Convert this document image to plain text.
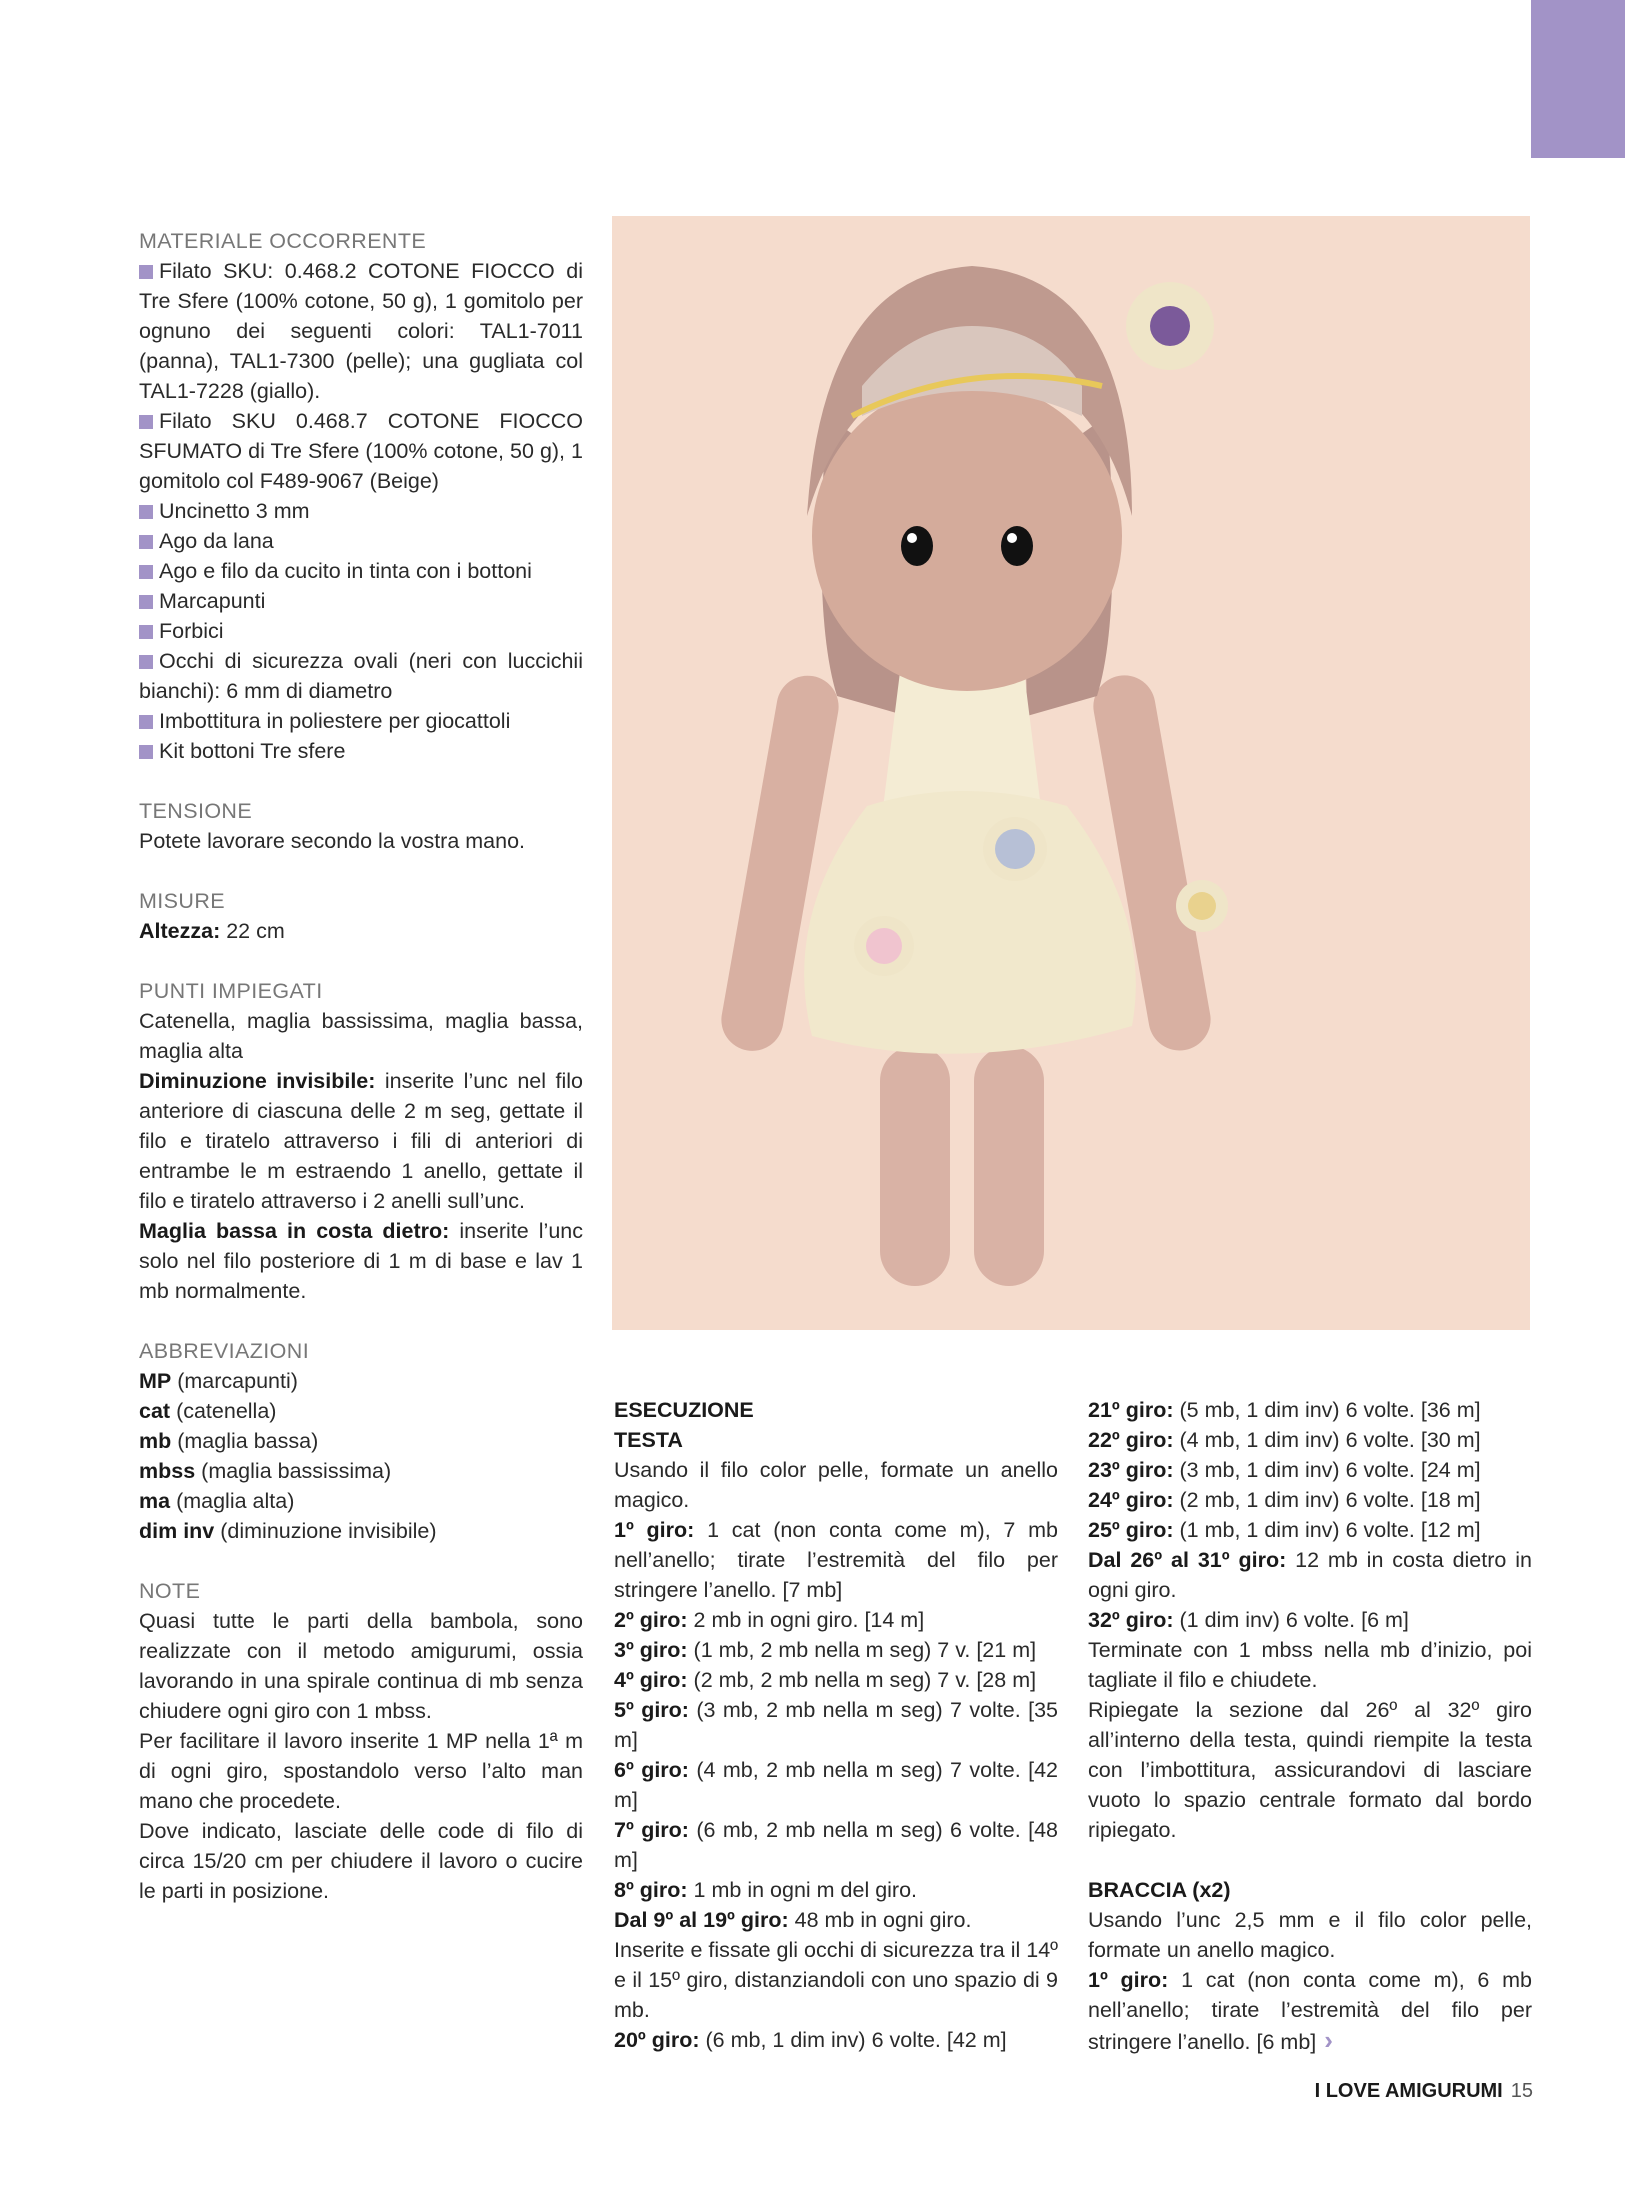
MATERIALE OCCORRENTE

Filato SKU: 0.468.2 COTONE FIOCCO di Tre Sfere (100% cotone, 50 g), 1 gomitolo per ognuno dei seguenti colori: TAL1-7011 (panna), TAL1-7300 (pelle); una gugliata col TAL1-7228 (giallo).

Filato SKU 0.468.7 COTONE FIOCCO SFUMATO di Tre Sfere (100% cotone, 50 g), 1 gomitolo col F489-9067 (Beige)

Uncinetto 3 mm

Ago da lana

Ago e filo da cucito in tinta con i bottoni

Marcapunti

Forbici

Occhi di sicurezza ovali (neri con luccichii bianchi): 6 mm di diametro

Imbottitura in poliestere per giocattoli

Kit bottoni Tre sfere

TENSIONE

Potete lavorare secondo la vostra mano.

MISURE

Altezza: 22 cm

PUNTI IMPIEGATI

Catenella, maglia bassissima, maglia bassa, maglia alta

Diminuzione invisibile: inserite l’unc nel filo anteriore di ciascuna delle 2 m seg, gettate il filo e tiratelo attraverso i fili di anteriori di entrambe le m estraendo 1 anello, gettate il filo e tiratelo attraverso i 2 anelli sull’unc.

Maglia bassa in costa dietro: inserite l’unc solo nel filo posteriore di 1 m di base e lav 1 mb normalmente.

ABBREVIAZIONI

MP (marcapunti)

cat (catenella)

mb (maglia bassa)

mbss (maglia bassissima)

ma (maglia alta)

dim inv (diminuzione invisibile)

NOTE

Quasi tutte le parti della bambola, sono realizzate con il metodo amigurumi, ossia lavorando in una spirale continua di mb senza chiudere ogni giro con 1 mbss.

Per facilitare il lavoro inserite 1 MP nella 1ª m di ogni giro, spostandolo verso l’alto man mano che procedete.

Dove indicato, lasciate delle code di filo di circa 15/20 cm per chiudere il lavoro o cucire le parti in posizione.

ESECUZIONE

TESTA

Usando il filo color pelle, formate un anello magico.

1º giro: 1 cat (non conta come m), 7 mb nell’anello; tirate l’estremità del filo per stringere l’anello. [7 mb]

2º giro: 2 mb in ogni giro. [14 m]

3º giro: (1 mb, 2 mb nella m seg) 7 v. [21 m]

4º giro: (2 mb, 2 mb nella m seg) 7 v. [28 m]

5º giro: (3 mb, 2 mb nella m seg) 7 volte. [35 m]

6º giro: (4 mb, 2 mb nella m seg) 7 volte. [42 m]

7º giro: (6 mb, 2 mb nella m seg) 6 volte. [48 m]

8º giro: 1 mb in ogni m del giro.

Dal 9º al 19º giro: 48 mb in ogni giro.

Inserite e fissate gli occhi di sicurezza tra il 14º e il 15º giro, distanziandoli con uno spazio di 9 mb.

20º giro: (6 mb, 1 dim inv) 6 volte. [42 m]

21º giro: (5 mb, 1 dim inv) 6 volte. [36 m]

22º giro: (4 mb, 1 dim inv) 6 volte. [30 m]

23º giro: (3 mb, 1 dim inv) 6 volte. [24 m]

24º giro: (2 mb, 1 dim inv) 6 volte. [18 m]

25º giro: (1 mb, 1 dim inv) 6 volte. [12 m]

Dal 26º al 31º giro: 12 mb in costa dietro in ogni giro.

32º giro: (1 dim inv) 6 volte. [6 m]

Terminate con 1 mbss nella mb d’inizio, poi tagliate il filo e chiudete.

Ripiegate la sezione dal 26º al 32º giro all’interno della testa, quindi riempite la testa con l’imbottitura, assicurandovi di lasciare vuoto lo spazio centrale formato dal bordo ripiegato.

BRACCIA (x2)

Usando l’unc 2,5 mm e il filo color pelle, formate un anello magico.

1º giro: 1 cat (non conta come m), 6 mb nell’anello; tirate l’estremità del filo per stringere l’anello. [6 mb] ›

I LOVE AMIGURUMI 15
